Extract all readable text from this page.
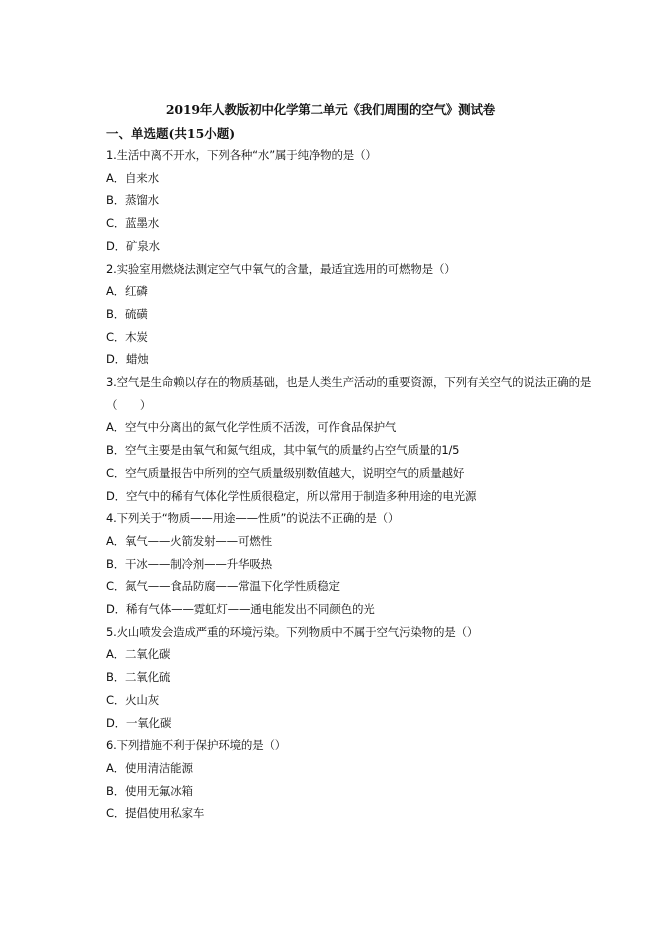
2019年人教版初中化学第二单元《我们周围的空气》测试卷
一、单选题(共15小题)
1.生活中离不开水，下列各种“水”属于纯净物的是（）
A．自来水
B．蒸馏水
C．蓝墨水
D．矿泉水
2.实验室用燃烧法测定空气中氧气的含量，最适宜选用的可燃物是（）
A．红磷
B．硫磺
C．木炭
D．蜡烛
3.空气是生命赖以存在的物质基础，也是人类生产活动的重要资源，下列有关空气的说法正确的是
（　　）
A．空气中分离出的氮气化学性质不活泼，可作食品保护气
B．空气主要是由氧气和氮气组成，其中氧气的质量约占空气质量的1/5
C．空气质量报告中所列的空气质量级别数值越大，说明空气的质量越好
D．空气中的稀有气体化学性质很稳定，所以常用于制造多种用途的电光源
4.下列关于“物质——用途——性质”的说法不正确的是（）
A．氧气——火箭发射——可燃性
B．干冰——制冷剂——升华吸热
C．氮气——食品防腐——常温下化学性质稳定
D．稀有气体——霓虹灯——通电能发出不同颜色的光
5.火山喷发会造成严重的环境污染。下列物质中不属于空气污染物的是（）
A．二氧化碳
B．二氧化硫
C．火山灰
D．一氧化碳
6.下列措施不利于保护环境的是（）
A．使用清洁能源
B．使用无氟冰箱
C．提倡使用私家车
